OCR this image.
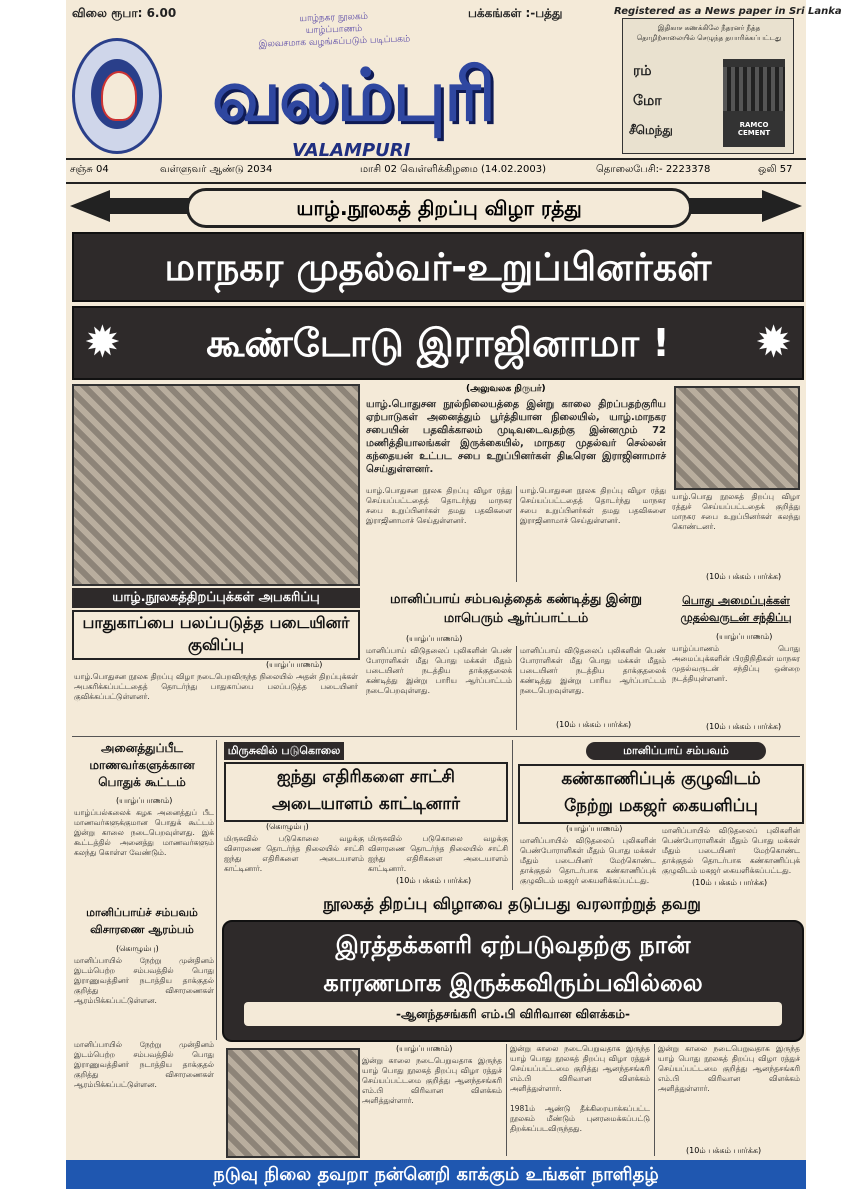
விலை ரூபா: 6.00	பக்கங்கள் :-பத்து	Registered as a News paper in Sri Lanka
யாழ்நகர நூலகம்
யாழ்ப்பாணம்
இலவசமாக வழங்கப்படும் படிப்பகம்
வலம்புரி
VALAMPURI
இதிகாச கணக்கிலே நீதரனர் நீத்த தொழிற்சாலையில் செழுந்த தயாரிக்கப்பட்டது
ரம்
மோ
சீமெந்து	RAMCO CEMENT
சஞ்சு 04	வள்ளுவர் ஆண்டு 2034	மாசி 02 வெள்ளிக்கிழமை (14.02.2003)	தொலைபேசி:- 2223378	ஒலி 57
யாழ்.நூலகத் திறப்பு விழா ரத்து
மாநகர முதல்வர்-உறுப்பினர்கள்
✹ கூண்டோடு இராஜினாமா ! ✹
(அலுவலக நிருபர்)
யாழ்.பொதுசன நூல்நிலையத்தை இன்று காலை திறப்பதற்குரிய ஏற்பாடுகள் அனைத்தும் பூர்த்தியான நிலையில், யாழ்.மாநகர சபையின் பதவிக்காலம் முடிவடைவதற்கு இன்னமும் 72 மணித்தியாலங்கள் இருக்கையில், மாநகர முதல்வர் செல்லன் கந்தையன் உட்பட சபை உறுப்பினர்கள் திடீரென இராஜினாமாச் செய்துள்ளனர்.
யாழ்.பொதுசன நூலக திறப்பு விழா ரத்து செய்யப்பட்டதைத் தொடர்ந்து மாநகர சபை உறுப்பினர்கள் தமது பதவிகளை இராஜினாமாச் செய்துள்ளனர்.
யாழ்.பொதுசன நூலக திறப்பு விழா ரத்து செய்யப்பட்டதைத் தொடர்ந்து மாநகர சபை உறுப்பினர்கள் தமது பதவிகளை இராஜினாமாச் செய்துள்ளனர்.
யாழ்.பொது நூலகத் திறப்பு விழா ரத்துச் செய்யப்பட்டதைக் குறித்து மாநகர சபை உறுப்பினர்கள் கலந்து கொண்டனர்.
(10ம் பக்கம் பார்க்க)
யாழ்.நூலகத்திறப்புக்கள் அபகரிப்பு
பாதுகாப்பை பலப்படுத்த படையினர் குவிப்பு
(யாழ்ப்பாணம்)
யாழ்.பொதுசன நூலக திறப்பு விழா நடைபெறவிருந்த நிலையில் அதன் திறப்புக்கள் அபகரிக்கப்பட்டதைத் தொடர்ந்து பாதுகாப்பை பலப்படுத்த படையினர் குவிக்கப்பட்டுள்ளனர்.
மானிப்பாய் சம்பவத்தைக் கண்டித்து இன்று மாபெரும் ஆர்ப்பாட்டம்
(யாழ்ப்பாணம்)
மானிப்பாய் விடுதலைப் புலிகளின் பெண் போராளிகள் மீது பொது மக்கள் மீதும் படையினர் நடத்திய தாக்குதலைக் கண்டித்து இன்று பாரிய ஆர்ப்பாட்டம் நடைபெறவுள்ளது.
மானிப்பாய் விடுதலைப் புலிகளின் பெண் போராளிகள் மீது பொது மக்கள் மீதும் படையினர் நடத்திய தாக்குதலைக் கண்டித்து இன்று பாரிய ஆர்ப்பாட்டம் நடைபெறவுள்ளது.
(10ம் பக்கம் பார்க்க)
பொது அமைப்புக்கள் முதல்வருடன் சந்திப்பு
(யாழ்ப்பாணம்)
யாழ்ப்பாணம் பொது அமைப்புக்களின் பிரதிநிதிகள் மாநகர முதல்வருடன் சந்திப்பு ஒன்றை நடத்தியுள்ளனர்.
(10ம் பக்கம் பார்க்க)
அனைத்துப்பீட
மாணவர்களுக்கான
பொதுக் கூட்டம்
(யாழ்ப்பாணம்)
யாழ்ப்பல்கலைக் கழக அனைத்துப் பீட மாணவர்களுக்குமான பொதுக் கூட்டம் இன்று காலை நடைபெறவுள்ளது. இக் கூட்டத்தில் அனைத்து மாணவர்களும் கலந்து கொள்ள வேண்டும்.
மானிப்பாய்ச் சம்பவம்
விசாரணை ஆரம்பம்
(கொழும்பு)
மானிப்பாயில் நேற்று முன்தினம் இடம்பெற்ற சம்பவத்தில் பொது இராணுவத்தினர் நடாத்திய தாக்குதல் குறித்து விசாரணைகள் ஆரம்பிக்கப்பட்டுள்ளன.
மிருசுவில் படுகொலை
ஐந்து எதிரிகளை சாட்சி
அடையாளம் காட்டினார்
(கொழும்பு)
மிருசுவில் படுகொலை வழக்கு விசாரணை தொடர்ந்த நிலையில் சாட்சி ஐந்து எதிரிகளை அடையாளம் காட்டினார்.
மிருசுவில் படுகொலை வழக்கு விசாரணை தொடர்ந்த நிலையில் சாட்சி ஐந்து எதிரிகளை அடையாளம் காட்டினார்.
(10ம் பக்கம் பார்க்க)
மானிப்பாய் சம்பவம்
கண்காணிப்புக் குழுவிடம்
நேற்று மகஜர் கையளிப்பு
(யாழ்ப்பாணம்)
மானிப்பாயில் விடுதலைப் புலிகளின் பெண்போராளிகள் மீதும் பொது மக்கள் மீதும் படையினர் மேற்கொண்ட தாக்குதல் தொடர்பாக கண்காணிப்புக் குழுவிடம் மகஜர் கையளிக்கப்பட்டது.
மானிப்பாயில் விடுதலைப் புலிகளின் பெண்போராளிகள் மீதும் பொது மக்கள் மீதும் படையினர் மேற்கொண்ட தாக்குதல் தொடர்பாக கண்காணிப்புக் குழுவிடம் மகஜர் கையளிக்கப்பட்டது.
(10ம் பக்கம் பார்க்க)
நூலகத் திறப்பு விழாவை தடுப்பது வரலாற்றுத் தவறு
இரத்தக்களரி ஏற்படுவதற்கு நான்
காரணமாக இருக்கவிரும்பவில்லை
-ஆனந்தசங்கரி எம்.பி விரிவான விளக்கம்-
(யாழ்ப்பாணம்)
இன்று காலை நடைபெறுவதாக இருந்த யாழ் பொது நூலகத் திறப்பு விழா ரத்துச் செய்யப்பட்டமை குறித்து ஆனந்தசங்கரி எம்.பி விரிவான விளக்கம் அளித்துள்ளார்.
இன்று காலை நடைபெறுவதாக இருந்த யாழ் பொது நூலகத் திறப்பு விழா ரத்துச் செய்யப்பட்டமை குறித்து ஆனந்தசங்கரி எம்.பி விரிவான விளக்கம் அளித்துள்ளார்.
1981ம் ஆண்டு தீக்கிரையாக்கப்பட்ட நூலகம் மீண்டும் புனரமைக்கப்பட்டு திறக்கப்படவிருந்தது.
இன்று காலை நடைபெறுவதாக இருந்த யாழ் பொது நூலகத் திறப்பு விழா ரத்துச் செய்யப்பட்டமை குறித்து ஆனந்தசங்கரி எம்.பி விரிவான விளக்கம் அளித்துள்ளார்.
(10ம் பக்கம் பார்க்க)
மானிப்பாயில் நேற்று முன்தினம் இடம்பெற்ற சம்பவத்தில் பொது இராணுவத்தினர் நடாத்திய தாக்குதல் குறித்து விசாரணைகள் ஆரம்பிக்கப்பட்டுள்ளன.
நடுவு நிலை தவறா நன்னெறி காக்கும் உங்கள் நாளிதழ்
